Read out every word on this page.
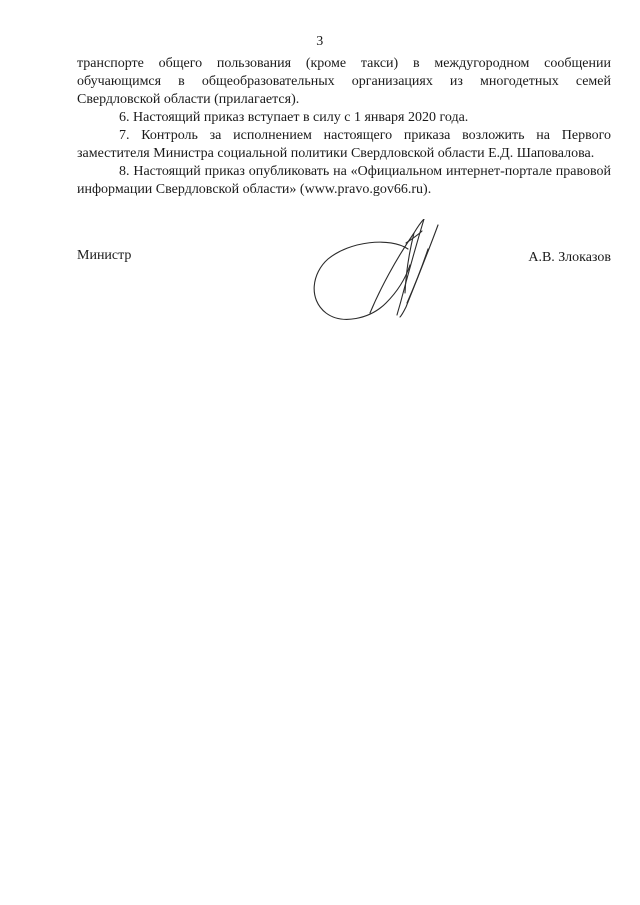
3

транспорте общего пользования (кроме такси) в междугородном сообщении обучающимся в общеобразовательных организациях из многодетных семей Свердловской области (прилагается).

6. Настоящий приказ вступает в силу с 1 января 2020 года.

7. Контроль за исполнением настоящего приказа возложить на Первого заместителя Министра социальной политики Свердловской области Е.Д. Шаповалова.

8. Настоящий приказ опубликовать на «Официальном интернет-портале правовой информации Свердловской области» (www.pravo.gov66.ru).

Министр	А.В. Злоказов
